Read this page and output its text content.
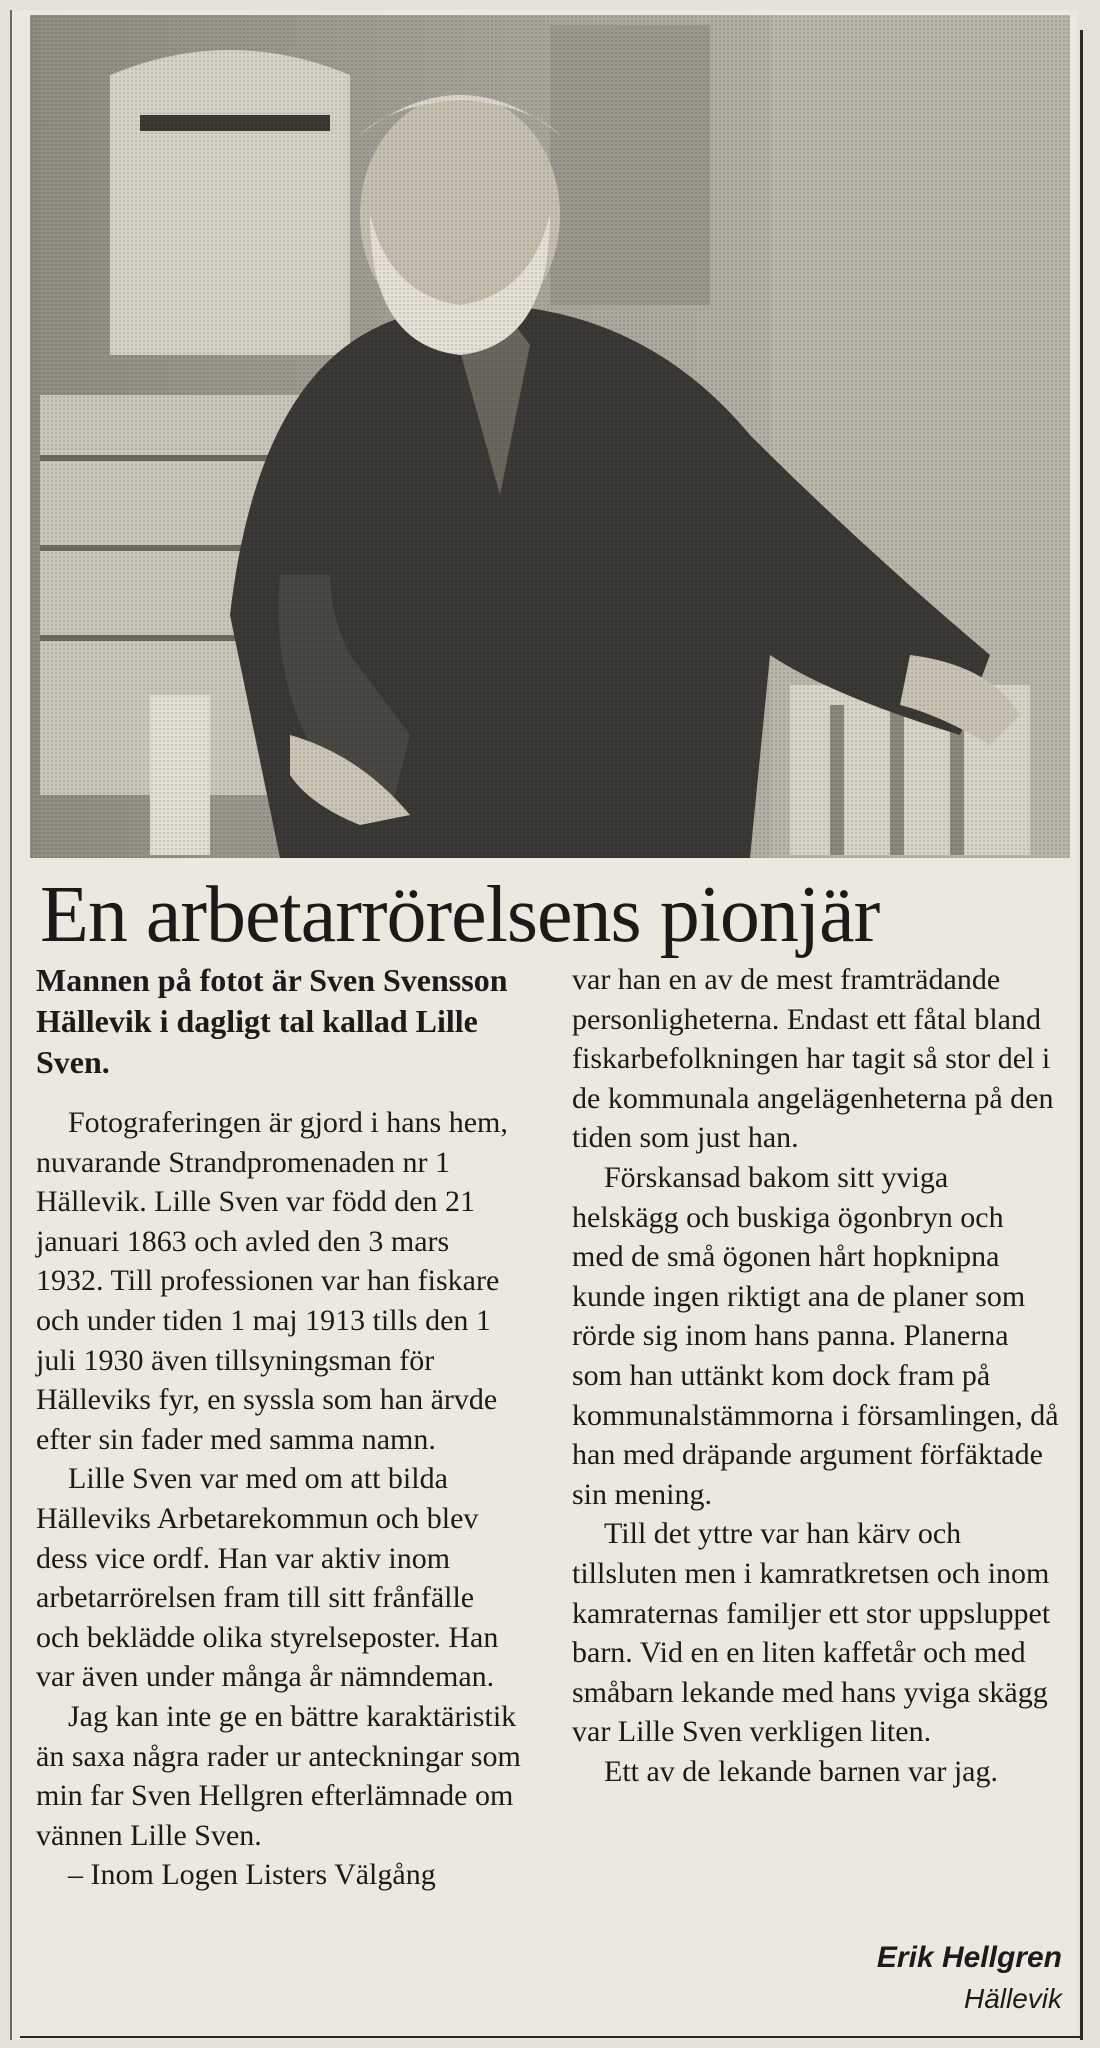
En arbetarrörelsens pionjär

Mannen på fotot är Sven Svensson Hällevik i dagligt tal kallad Lille Sven.

Fotograferingen är gjord i hans hem, nuvarande Strandpromenaden nr 1 Hällevik. Lille Sven var född den 21 januari 1863 och avled den 3 mars 1932. Till professionen var han fiskare och under tiden 1 maj 1913 tills den 1 juli 1930 även tillsyningsman för Hälleviks fyr, en syssla som han ärvde efter sin fader med samma namn.

Lille Sven var med om att bilda Hälleviks Arbetarekommun och blev dess vice ordf. Han var aktiv inom arbetarrörelsen fram till sitt frånfälle och beklädde olika styrelseposter. Han var även under många år nämndeman.

Jag kan inte ge en bättre karaktäristik än saxa några rader ur anteckningar som min far Sven Hellgren efterlämnade om vännen Lille Sven.

– Inom Logen Listers Välgång

var han en av de mest framträdande personligheterna. Endast ett fåtal bland fiskarbefolkningen har tagit så stor del i de kommunala angelägenheterna på den tiden som just han.

Förskansad bakom sitt yviga helskägg och buskiga ögonbryn och med de små ögonen hårt hopknipna kunde ingen riktigt ana de planer som rörde sig inom hans panna. Planerna som han uttänkt kom dock fram på kommunalstämmorna i församlingen, då han med dräpande argument förfäktade sin mening.

Till det yttre var han kärv och tillsluten men i kamratkretsen och inom kamraternas familjer ett stor uppsluppet barn. Vid en en liten kaffetår och med småbarn lekande med hans yviga skägg var Lille Sven verkligen liten.

Ett av de lekande barnen var jag.

Erik Hellgren
Hällevik
